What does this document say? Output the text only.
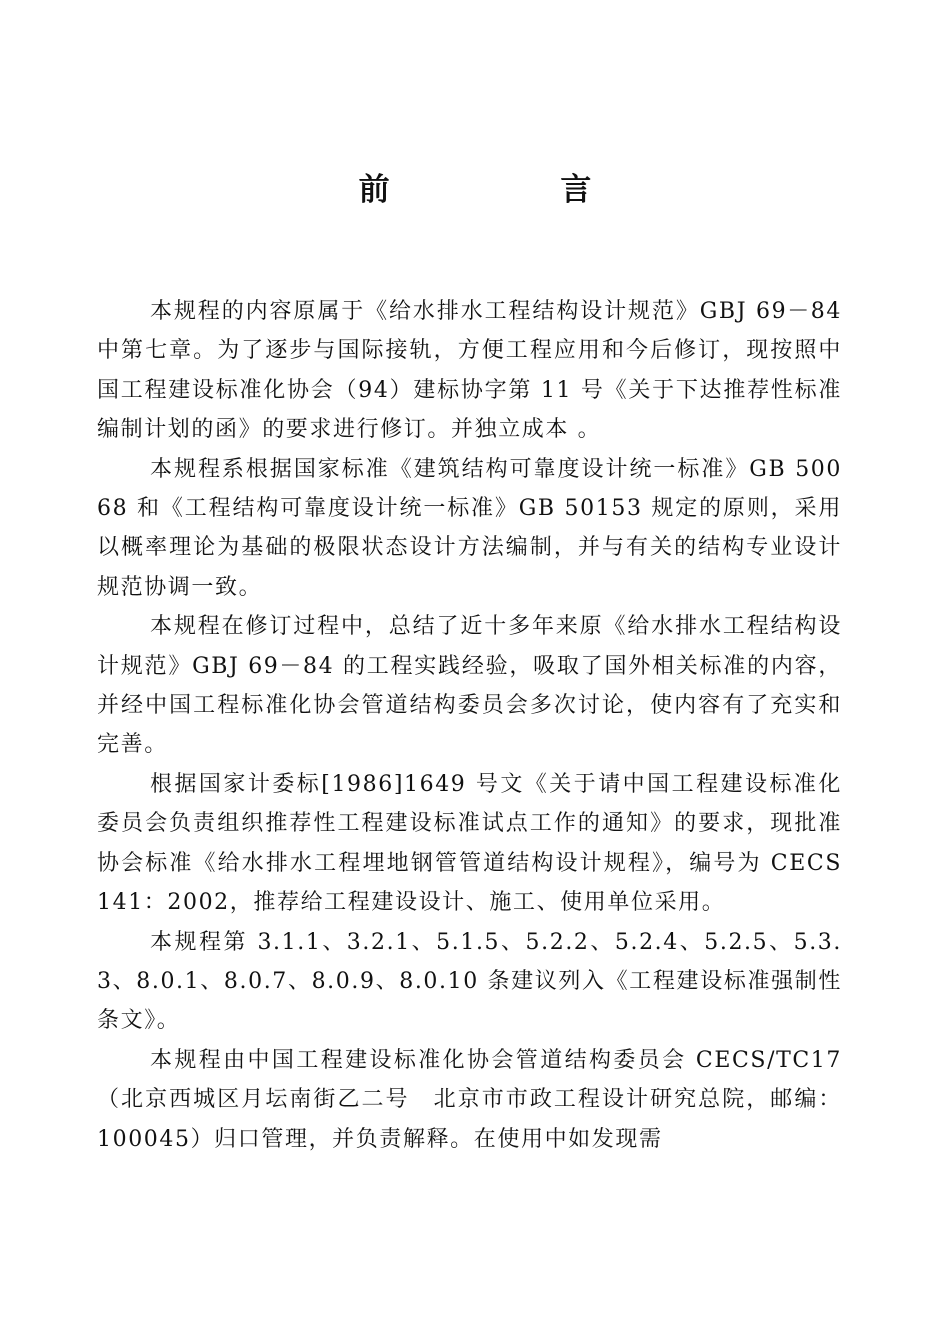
前 言

本规程的内容原属于《给水排水工程结构设计规范》GBJ 69－84 中第七章。为了逐步与国际接轨，方便工程应用和今后修订，现按照中国工程建设标准化协会（94）建标协字第 11 号《关于下达推荐性标准编制计划的函》的要求进行修订。并独立成本 。

本规程系根据国家标准《建筑结构可靠度设计统一标准》GB 50068 和《工程结构可靠度设计统一标准》GB 50153 规定的原则，采用以概率理论为基础的极限状态设计方法编制，并与有关的结构专业设计规范协调一致。

本规程在修订过程中，总结了近十多年来原《给水排水工程结构设计规范》GBJ 69－84 的工程实践经验，吸取了国外相关标准的内容，并经中国工程标准化协会管道结构委员会多次讨论，使内容有了充实和完善。

根据国家计委标[1986]1649 号文《关于请中国工程建设标准化委员会负责组织推荐性工程建设标准试点工作的通知》的要求，现批准协会标准《给水排水工程埋地钢管管道结构设计规程》，编号为 CECS141：2002，推荐给工程建设设计、施工、使用单位采用。

本规程第 3.1.1、3.2.1、5.1.5、5.2.2、5.2.4、5.2.5、5.3.3、8.0.1、8.0.7、8.0.9、8.0.10 条建议列入《工程建设标准强制性条文》。

本规程由中国工程建设标准化协会管道结构委员会 CECS/TC17（北京西城区月坛南街乙二号　北京市市政工程设计研究总院，邮编：100045）归口管理，并负责解释。在使用中如发现需
